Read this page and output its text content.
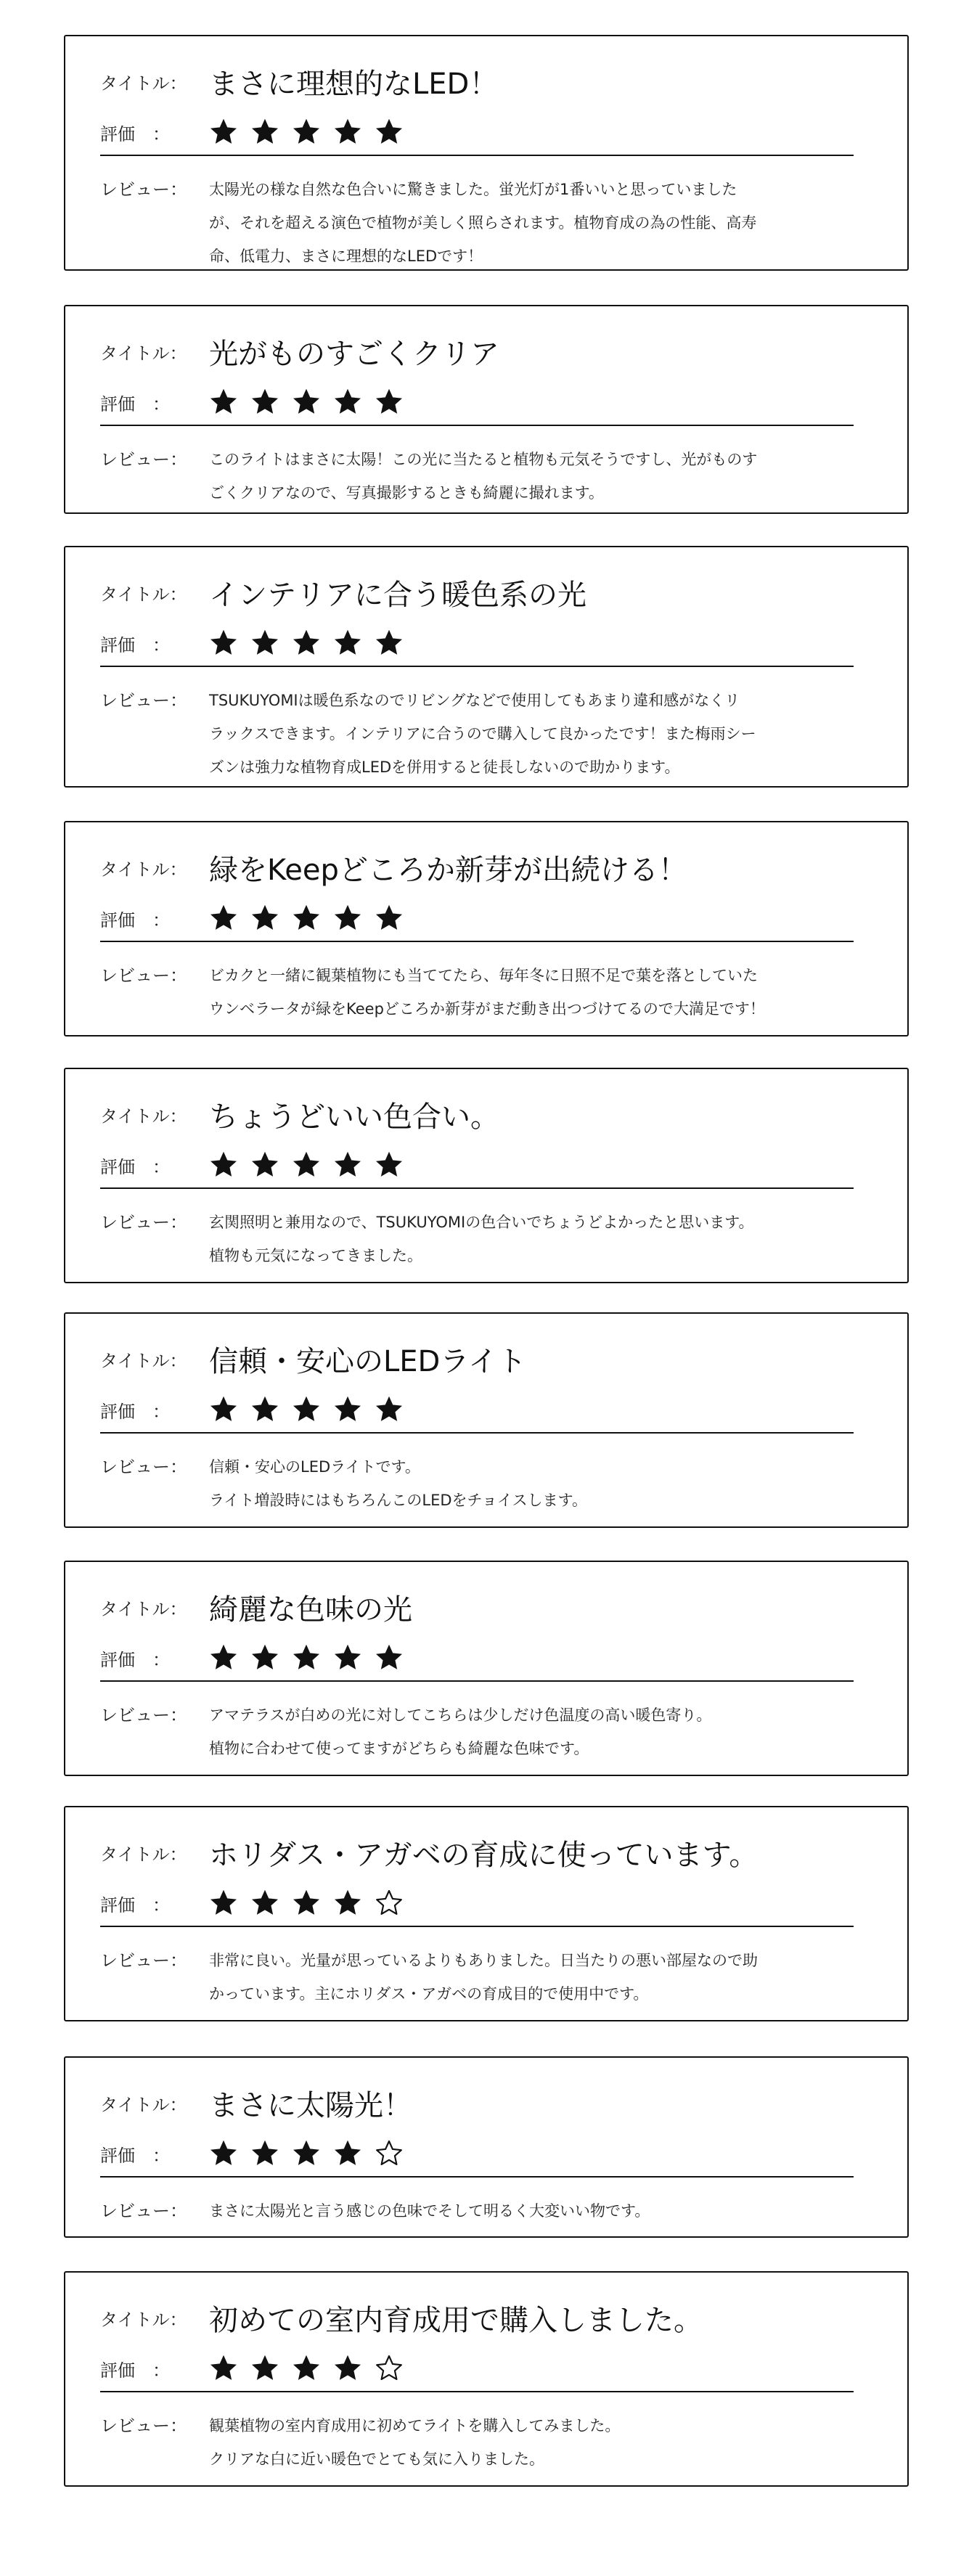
タイトル： まさに理想的なLED！
評価 ：
レビュー： 太陽光の様な自然な色合いに驚きました。蛍光灯が1番いいと思っていました
が、それを超える演色で植物が美しく照らされます。植物育成の為の性能、高寿
命、低電力、まさに理想的なLEDです！
タイトル： 光がものすごくクリア
評価 ：
レビュー： このライトはまさに太陽！この光に当たると植物も元気そうですし、光がものす
ごくクリアなので、写真撮影するときも綺麗に撮れます。
タイトル： インテリアに合う暖色系の光
評価 ：
レビュー： TSUKUYOMIは暖色系なのでリビングなどで使用してもあまり違和感がなくリ
ラックスできます。インテリアに合うので購入して良かったです！また梅雨シー
ズンは強力な植物育成LEDを併用すると徒長しないので助かります。
タイトル： 緑をKeepどころか新芽が出続ける！
評価 ：
レビュー： ビカクと一緒に観葉植物にも当ててたら、毎年冬に日照不足で葉を落としていた
ウンベラータが緑をKeepどころか新芽がまだ動き出つづけてるので大満足です！
タイトル： ちょうどいい色合い。
評価 ：
レビュー： 玄関照明と兼用なので、TSUKUYOMIの色合いでちょうどよかったと思います。
植物も元気になってきました。
タイトル： 信頼・安心のLEDライト
評価 ：
レビュー： 信頼・安心のLEDライトです。
ライト増設時にはもちろんこのLEDをチョイスします。
タイトル： 綺麗な色味の光
評価 ：
レビュー： アマテラスが白めの光に対してこちらは少しだけ色温度の高い暖色寄り。
植物に合わせて使ってますがどちらも綺麗な色味です。
タイトル： ホリダス・アガベの育成に使っています。
評価 ：
レビュー： 非常に良い。光量が思っているよりもありました。日当たりの悪い部屋なので助
かっています。主にホリダス・アガベの育成目的で使用中です。
タイトル： まさに太陽光！
評価 ：
レビュー： まさに太陽光と言う感じの色味でそして明るく大変いい物です。
タイトル： 初めての室内育成用で購入しました。
評価 ：
レビュー： 観葉植物の室内育成用に初めてライトを購入してみました。
クリアな白に近い暖色でとても気に入りました。
